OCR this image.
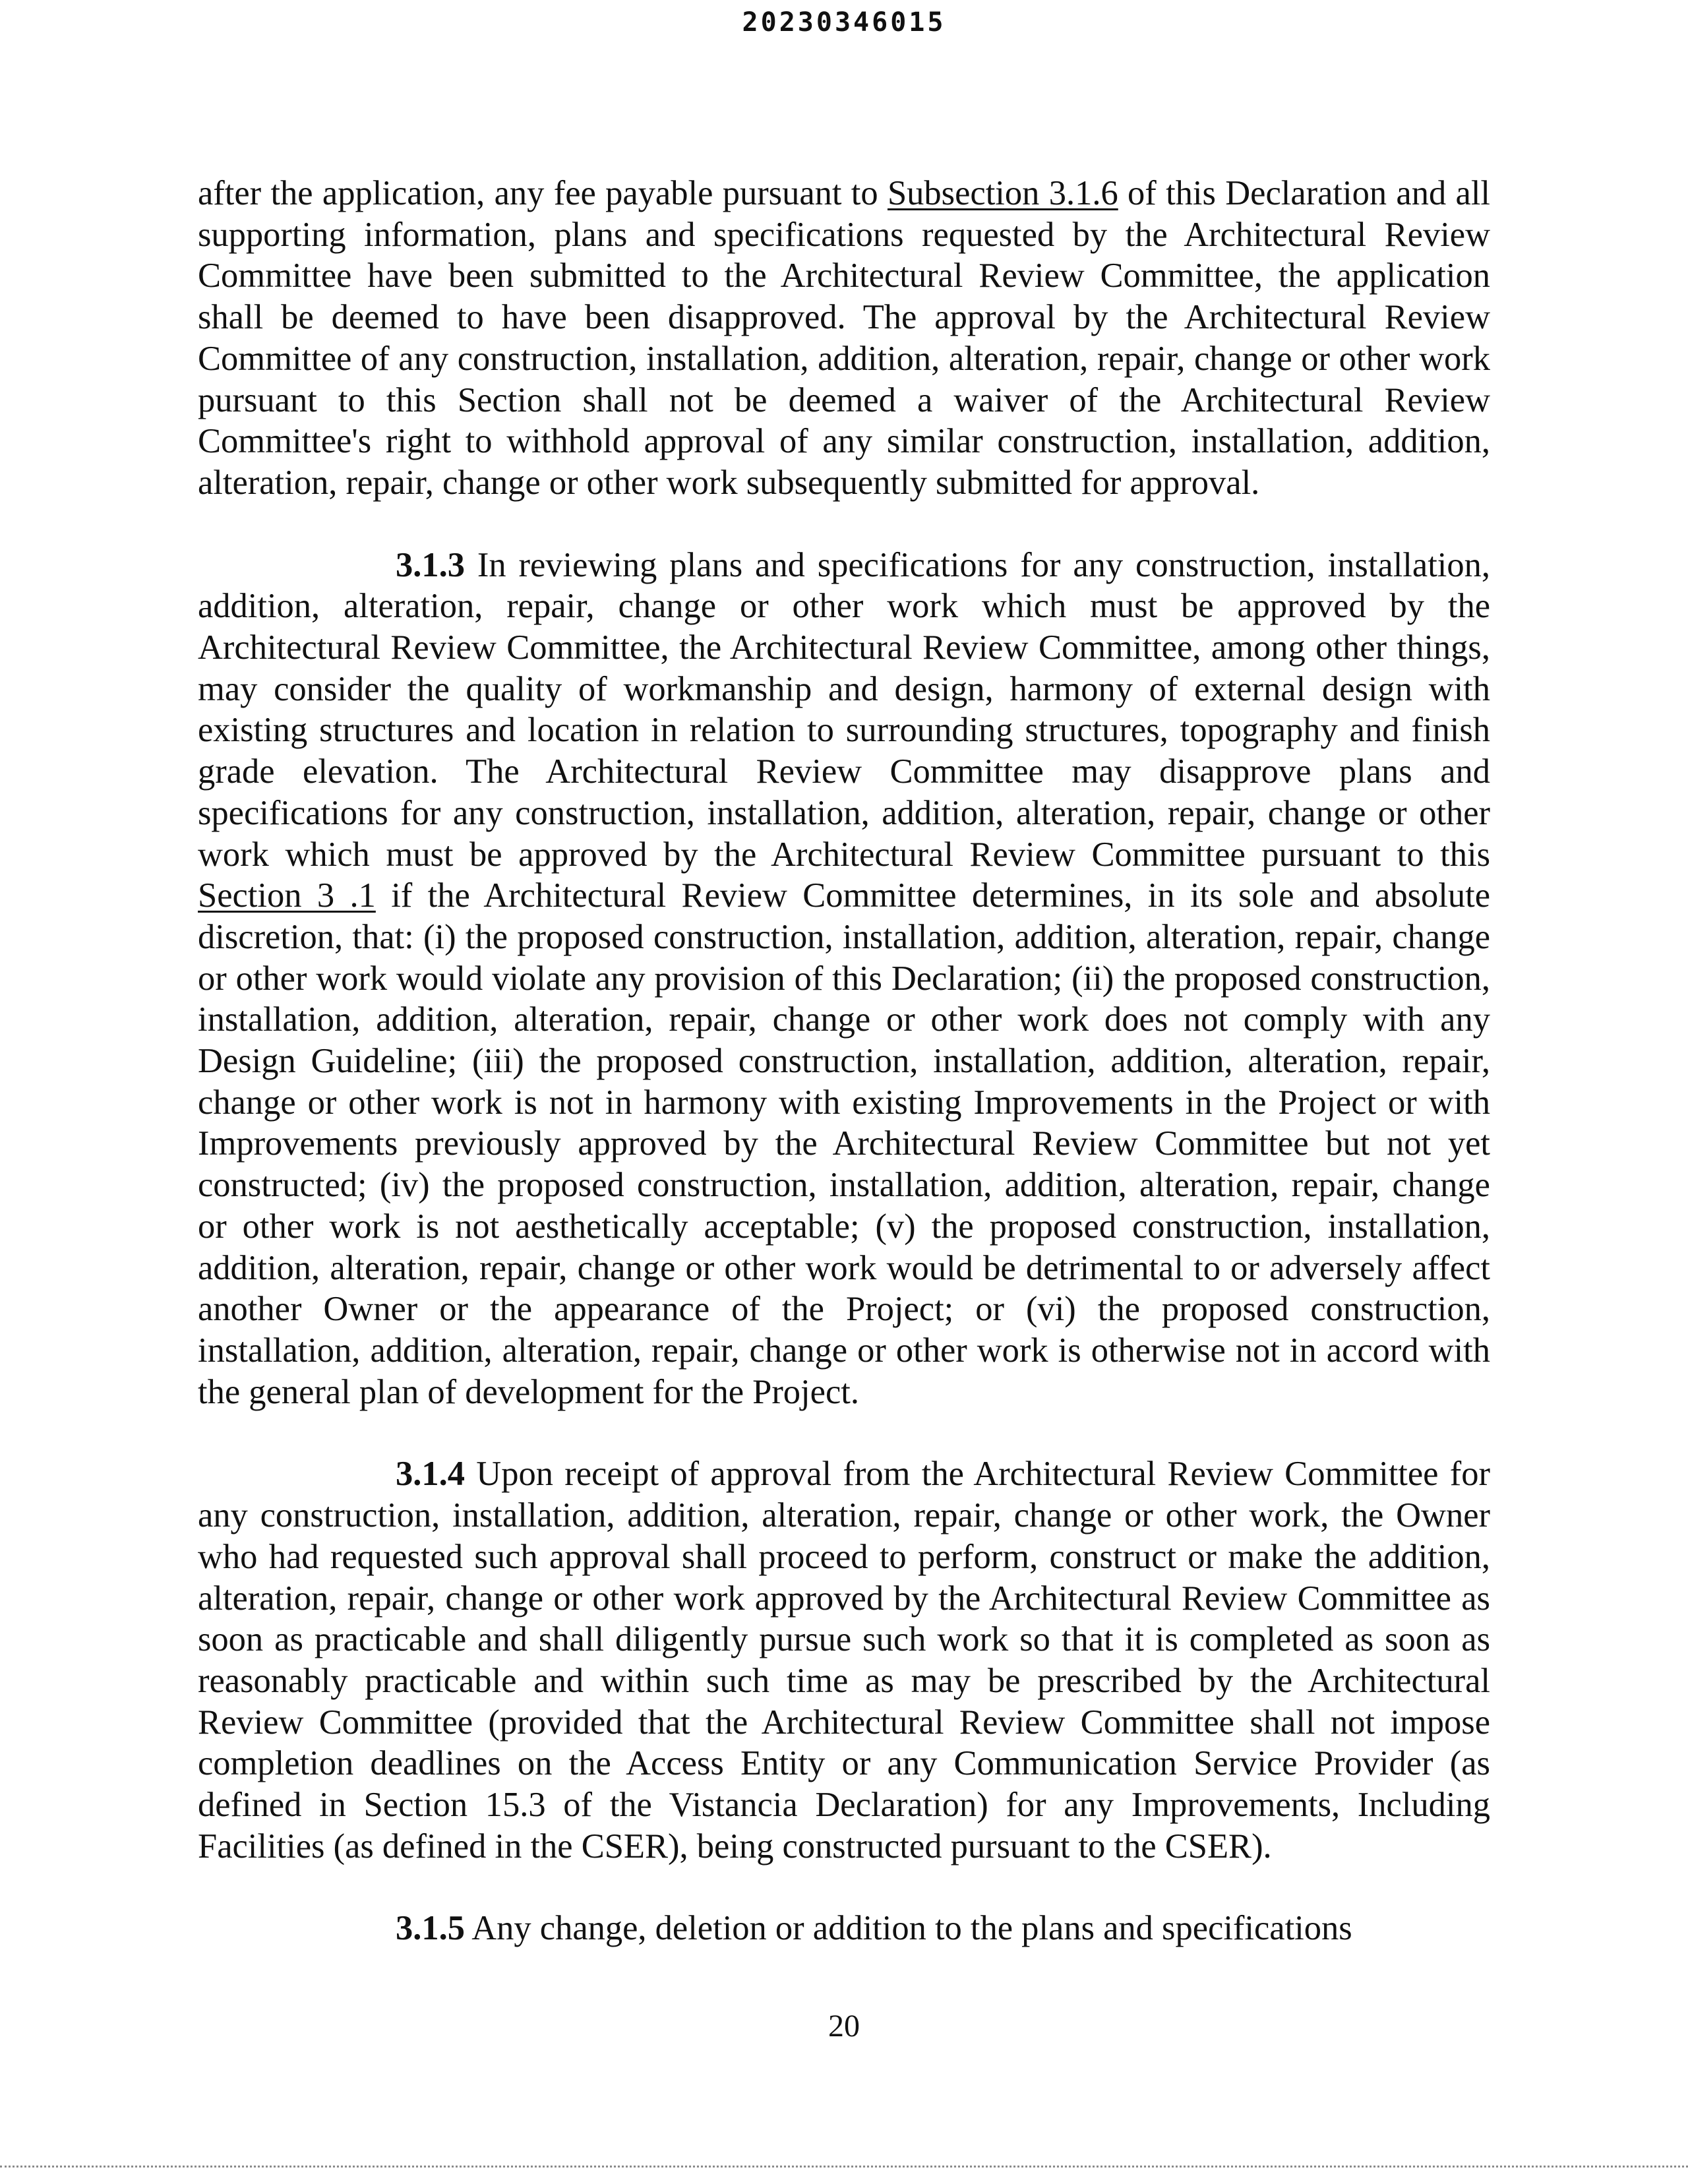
20230346015

after the application, any fee payable pursuant to Subsection 3.1.6 of this Declaration and all supporting information, plans and specifications requested by the Architectural Review Committee have been submitted to the Architectural Review Committee, the application shall be deemed to have been disapproved. The approval by the Architectural Review Committee of any construction, installation, addition, alteration, repair, change or other work pursuant to this Section shall not be deemed a waiver of the Architectural Review Committee's right to withhold approval of any similar construction, installation, addition, alteration, repair, change or other work subsequently submitted for approval.

3.1.3 In reviewing plans and specifications for any construction, installation, addition, alteration, repair, change or other work which must be approved by the Architectural Review Committee, the Architectural Review Committee, among other things, may consider the quality of workmanship and design, harmony of external design with existing structures and location in relation to surrounding structures, topography and finish grade elevation. The Architectural Review Committee may disapprove plans and specifications for any construction, installation, addition, alteration, repair, change or other work which must be approved by the Architectural Review Committee pursuant to this Section 3 .1 if the Architectural Review Committee determines, in its sole and absolute discretion, that: (i) the proposed construction, installation, addition, alteration, repair, change or other work would violate any provision of this Declaration; (ii) the proposed construction, installation, addition, alteration, repair, change or other work does not comply with any Design Guideline; (iii) the proposed construction, installation, addition, alteration, repair, change or other work is not in harmony with existing Improvements in the Project or with Improvements previously approved by the Architectural Review Committee but not yet constructed; (iv) the proposed construction, installation, addition, alteration, repair, change or other work is not aesthetically acceptable; (v) the proposed construction, installation, addition, alteration, repair, change or other work would be detrimental to or adversely affect another Owner or the appearance of the Project; or (vi) the proposed construction, installation, addition, alteration, repair, change or other work is otherwise not in accord with the general plan of development for the Project.

3.1.4 Upon receipt of approval from the Architectural Review Committee for any construction, installation, addition, alteration, repair, change or other work, the Owner who had requested such approval shall proceed to perform, construct or make the addition, alteration, repair, change or other work approved by the Architectural Review Committee as soon as practicable and shall diligently pursue such work so that it is completed as soon as reasonably practicable and within such time as may be prescribed by the Architectural Review Committee (provided that the Architectural Review Committee shall not impose completion deadlines on the Access Entity or any Communication Service Provider (as defined in Section 15.3 of the Vistancia Declaration) for any Improvements, Including Facilities (as defined in the CSER), being constructed pursuant to the CSER).

3.1.5 Any change, deletion or addition to the plans and specifications

20
